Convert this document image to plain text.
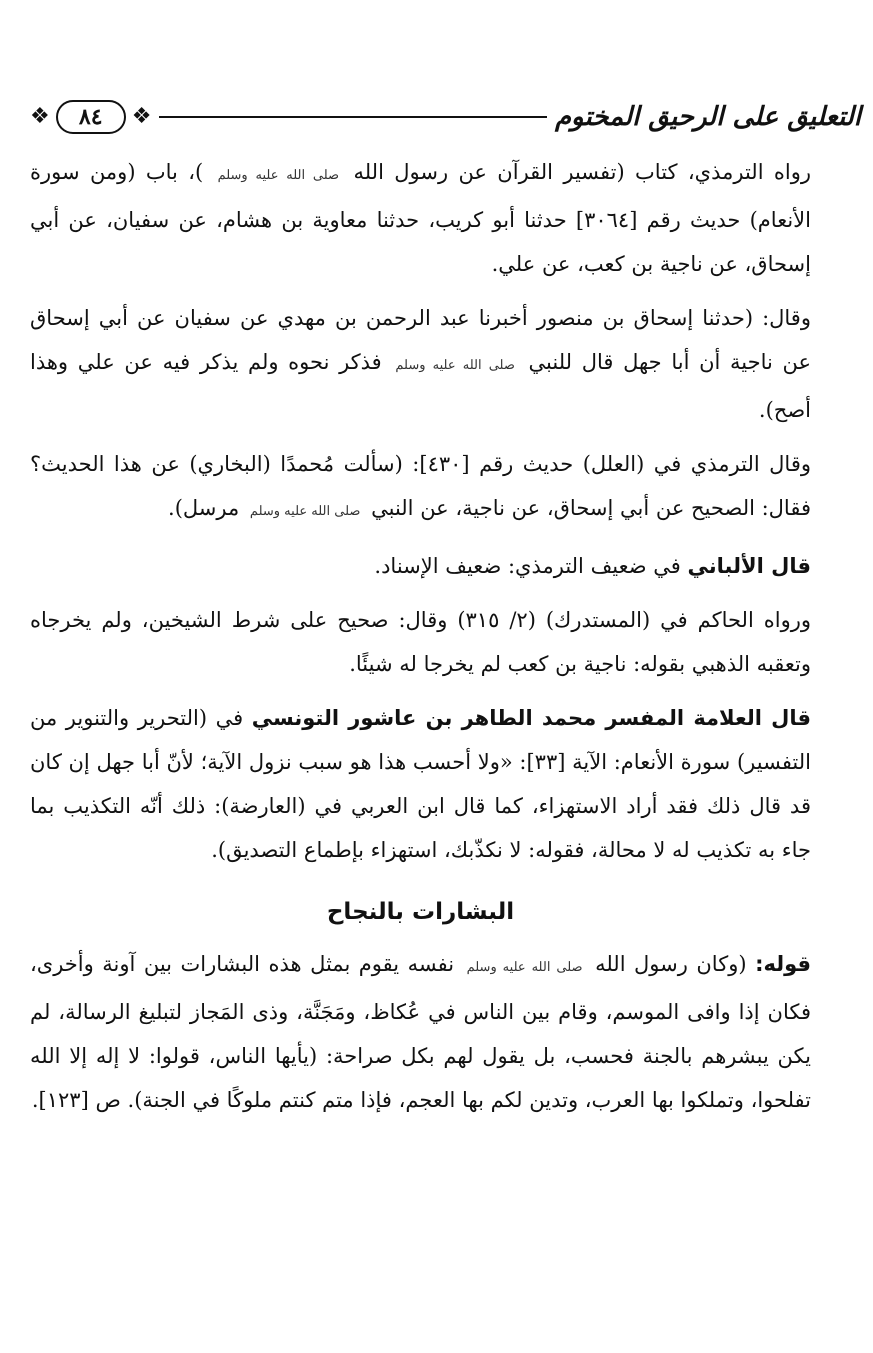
❖	٨٤	❖	التعليق على الرحيق المختوم

رواه الترمذي، كتاب (تفسير القرآن عن رسول الله صلى الله عليه وسلم ‏)، باب (ومن سورة الأنعام) حديث رقم [٣٠٦٤] حدثنا أبو كريب، حدثنا معاوية بن هشام، عن سفيان، عن أبي إسحاق، عن ناجية بن كعب، عن علي.

وقال: (حدثنا إسحاق بن منصور أخبرنا عبد الرحمن بن مهدي عن سفيان عن أبي إسحاق عن ناجية أن أبا جهل قال للنبي صلى الله عليه وسلم فذكر نحوه ولم يذكر فيه عن علي وهذا أصح).

وقال الترمذي في (العلل) حديث رقم [٤٣٠]: (سألت مُحمدًا (البخاري) عن هذا الحديث؟ فقال: الصحيح عن أبي إسحاق، عن ناجية، عن النبي صلى الله عليه وسلم مرسل).

قال الألباني في ضعيف الترمذي: ضعيف الإسناد.

ورواه الحاكم في (المستدرك) (٢/ ٣١٥) وقال: صحيح على شرط الشيخين، ولم يخرجاه وتعقبه الذهبي بقوله: ناجية بن كعب لم يخرجا له شيئًا.

قال العلامة المفسر محمد الطاهر بن عاشور التونسي في (التحرير والتنوير من التفسير) سورة الأنعام: الآية [٣٣]: «ولا أحسب هذا هو سبب نزول الآية؛ لأنّ أبا جهل إن كان قد قال ذلك فقد أراد الاستهزاء، كما قال ابن العربي في (العارضة): ذلك أنّه التكذيب بما جاء به تكذيب له لا محالة، فقوله: لا نكذّبك، استهزاء بإطماع التصديق).

البشارات بالنجاح

قوله: (وكان رسول الله صلى الله عليه وسلم نفسه يقوم بمثل هذه البشارات بين آونة وأخرى، فكان إذا وافى الموسم، وقام بين الناس في عُكاظ، ومَجَنَّة، وذى المَجاز لتبليغ الرسالة، لم يكن يبشرهم بالجنة فحسب، بل يقول لهم بكل صراحة: (يأيها الناس، قولوا: لا إله إلا الله تفلحوا، وتملكوا بها العرب، وتدين لكم بها العجم، فإذا متم كنتم ملوكًا في الجنة). ص [١٢٣].
